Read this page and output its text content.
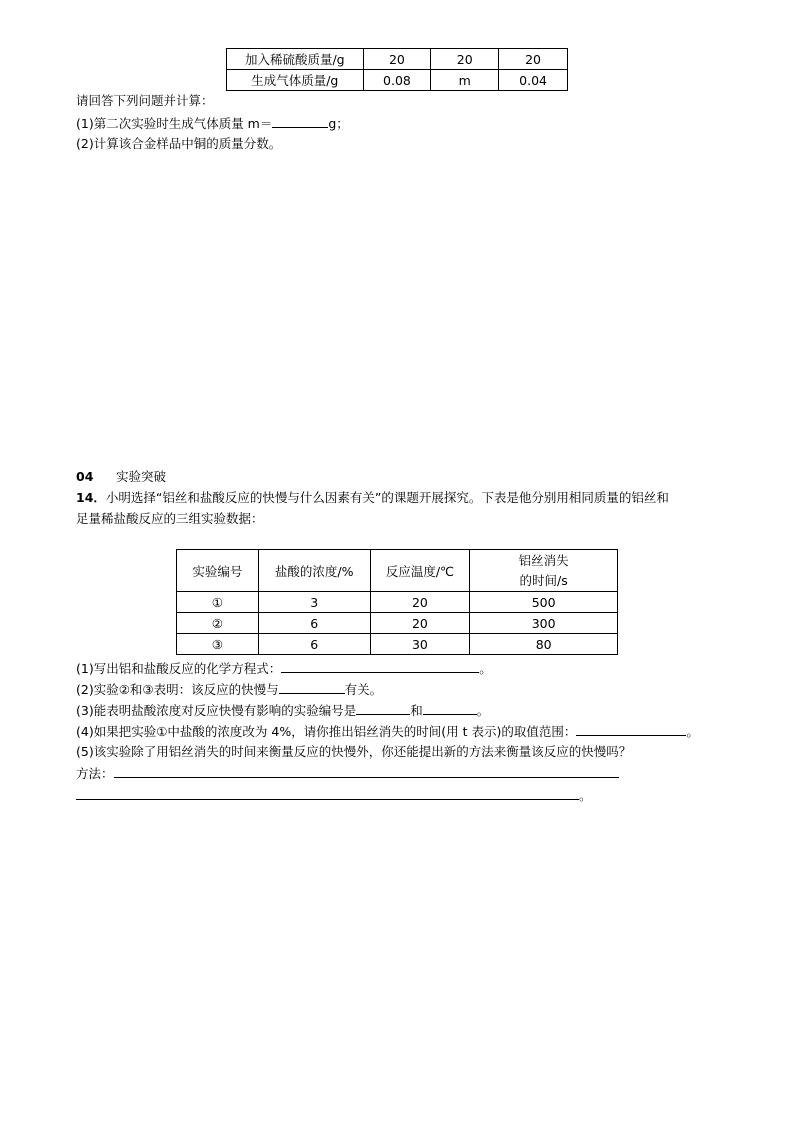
加入稀硫酸质量/g	20	20	20
生成气体质量/g	0.08	m	0.04
请回答下列问题并计算：
(1)第二次实验时生成气体质量 m＝	g；
(2)计算该合金样品中铜的质量分数。
04 实验突破
14．小明选择“铝丝和盐酸反应的快慢与什么因素有关”的课题开展探究。下表是他分别用相同质量的铝丝和
足量稀盐酸反应的三组实验数据：
实验编号	盐酸的浓度/%	反应温度/℃	铝丝消失
的时间/s

①	3	20	500
②	6	20	300
③	6	30	80
(1)写出铝和盐酸反应的化学方程式：	。
(2)实验②和③表明：该反应的快慢与	有关。
(3)能表明盐酸浓度对反应快慢有影响的实验编号是	和	。
(4)如果把实验①中盐酸的浓度改为 4%，请你推出铝丝消失的时间(用 t 表示)的取值范围：	。
(5)该实验除了用铝丝消失的时间来衡量反应的快慢外，你还能提出新的方法来衡量该反应的快慢吗？
方法：
。
